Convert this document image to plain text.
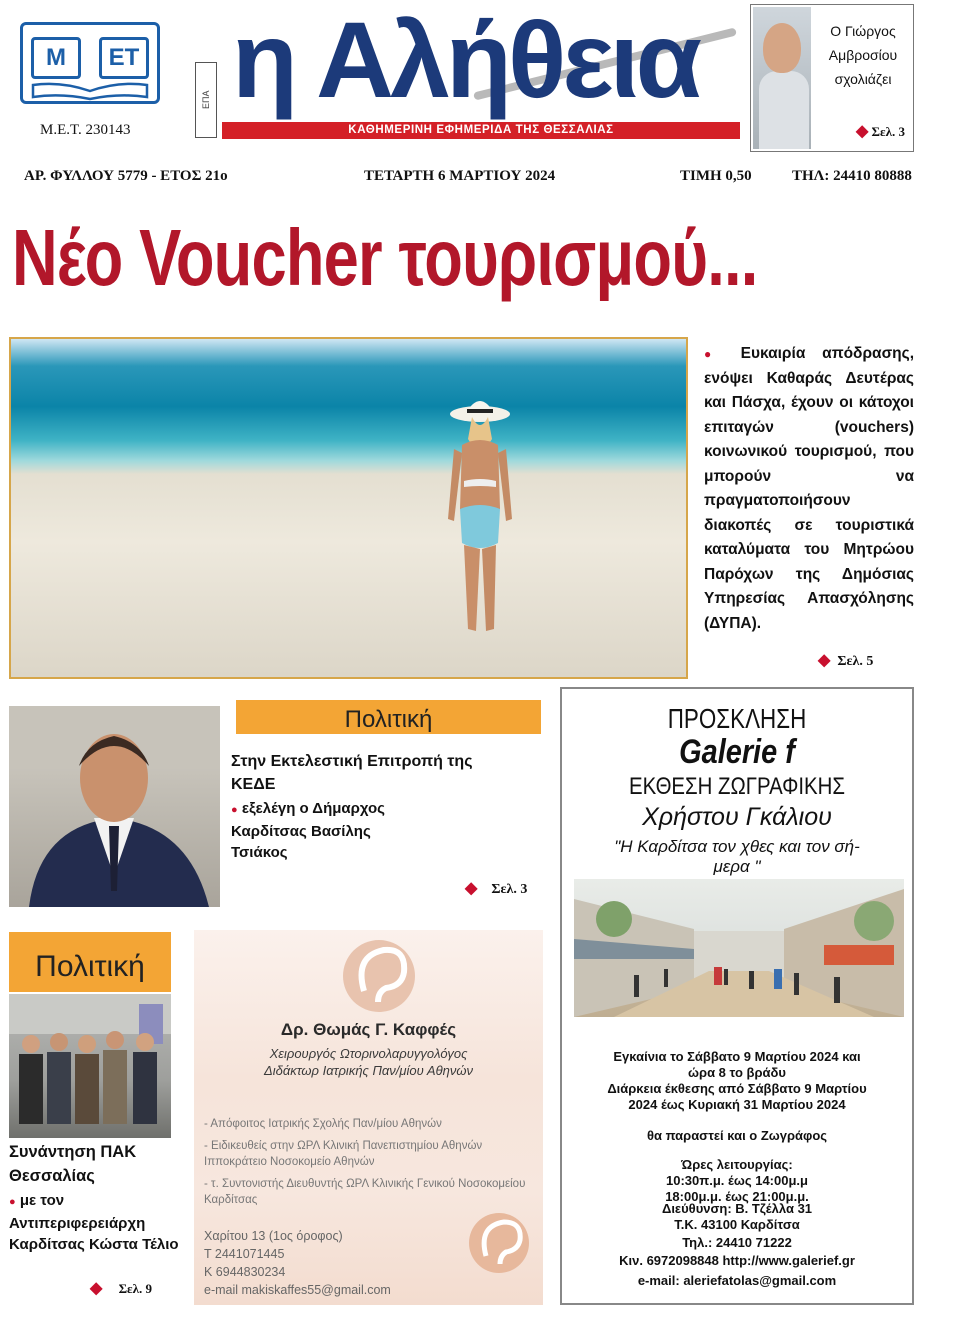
Μ	ΕΤ
Μ.Ε.Τ. 230143
ΕΠΑ η Αλήθεια
ΚΑΘΗΜΕΡΙΝΗ ΕΦΗΜΕΡΙΔΑ ΤΗΣ ΘΕΣΣΑΛΙΑΣ
Ο Γιώργος
Αμβροσίου
σχολιάζει
◆ Σελ. 3
ΑΡ. ΦΥΛΛΟΥ 5779 - ΕΤΟΣ 21ο	ΤΕΤΑΡΤΗ 6 ΜΑΡΤΙΟΥ 2024	ΤΙΜΗ 0,50	ΤΗΛ: 24410 80888
Νέο Voucher τουρισμού...
● Ευκαιρία απόδρασης, ενόψει Καθαράς Δευτέρας και Πάσχα, έχουν οι κάτοχοι επιταγών (vouchers) κοινωνικού τουρισμού, που μπορούν να πραγματοποιήσουν διακοπές σε τουριστικά καταλύματα του Μητρώου Παρόχων της Δημόσιας Υπηρεσίας Απασχόλησης (ΔΥΠΑ).
◆ Σελ. 5
Πολιτική
Στην Εκτελεστική Επιτροπή της ΚΕΔΕ
● εξελέγη ο Δήμαρχος Καρδίτσας Βασίλης Τσιάκος
◆ Σελ. 3
ΠΡΟΣΚΛΗΣΗ
Galerie f
ΕΚΘΕΣΗ ΖΩΓΡΑΦΙΚΗΣ
Χρήστου Γκάλιου
"Η Καρδίτσα τον χθες και τον σή-
μερα "
Εγκαίνια το Σάββατο 9 Μαρτίου 2024 και
ώρα 8 το βράδυ
Διάρκεια έκθεσης από Σάββατο 9 Μαρτίου
2024 έως Κυριακή 31 Μαρτίου 2024
θα παραστεί και ο Ζωγράφος
Ώρες λειτουργίας:
10:30π.μ. έως 14:00μ.μ
18:00μ.μ. έως 21:00μ.μ.
Διεύθυνση: Β. Τζέλλα 31
Τ.Κ. 43100 Καρδίτσα
Τηλ.: 24410 71222
Κιν. 6972098848 http://www.galerief.gr
e-mail: aleriefatolas@gmail.com
Πολιτική
Συνάντηση ΠΑΚ Θεσσαλίας
● με τον Αντιπεριφερειάρχη Καρδίτσας Κώστα Τέλιο
◆ Σελ. 9
Δρ. Θωμάς Γ. Καφφές
Χειρουργός Ωτορινολαρυγγολόγος
Διδάκτωρ Ιατρικής Παν/μίου Αθηνών
- Απόφοιτος Ιατρικής Σχολής Παν/μίου Αθηνών
- Ειδικευθείς στην ΩΡΛ Κλινική Πανεπιστημίου Αθηνών Ιπποκράτειο Νοσοκομείο Αθηνών
- τ. Συντονιστής Διευθυντής ΩΡΛ Κλινικής Γενικού Νοσοκομείου Καρδίτσας
Χαρίτου 13 (1ος όροφος)
T 2441071445
K 6944830234
e-mail makiskaffes55@gmail.com
